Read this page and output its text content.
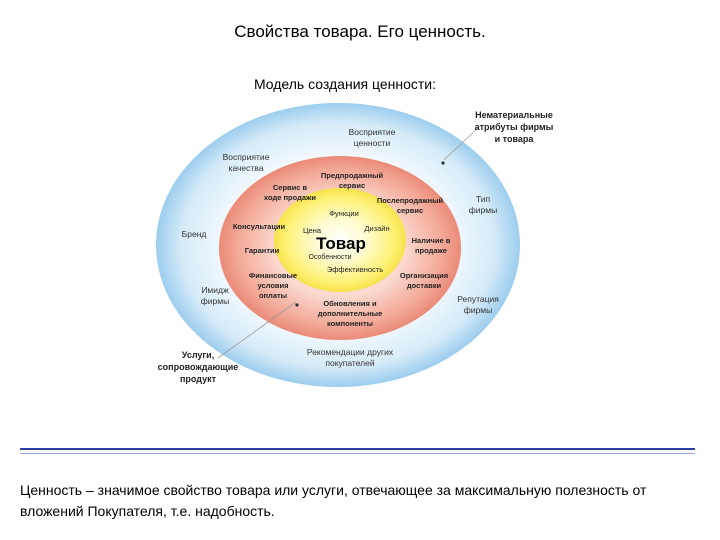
Свойства товара. Его ценность.
Модель создания ценности:
Товар
Функции
Цена	Дизайн
Особенности
Эффективность
Предпродажный сервис
Сервис в ходе продажи	Послепродажный сервис
Консультации
Гарантии
Наличие в продаже
Финансовые условия оплаты
Организация доставки
Обновления и дополнительные компоненты
Восприятие ценности
Восприятие качества
Бренд
Тип фирмы
Имидж фирмы	Репутация фирмы
Рекомендации других покупателей
Нематериальные атрибуты фирмы и товара
Услуги, сопровождающие продукт
Ценность – значимое свойство товара или услуги, отвечающее за максимальную полезность от вложений Покупателя, т.е. надобность.
